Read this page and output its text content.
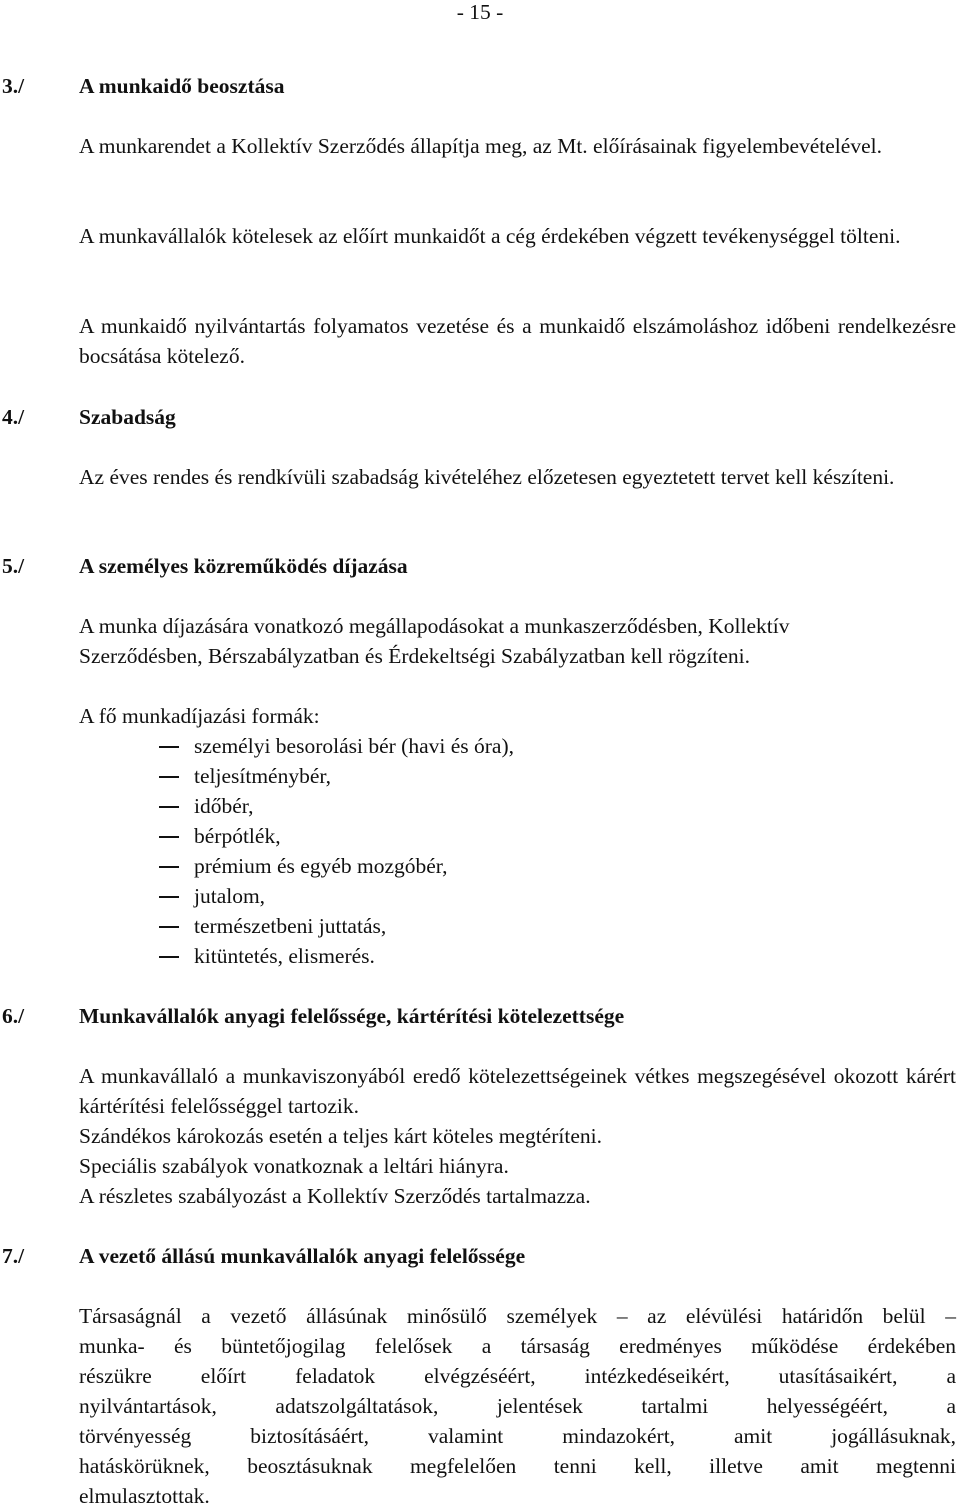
- 15 -
3./	A munkaidő beosztása
A munkarendet a Kollektív Szerződés állapítja meg, az Mt. előírásainak figyelembevételével.
A munkavállalók kötelesek az előírt munkaidőt a cég érdekében végzett tevékenységgel tölteni.
A munkaidő nyilvántartás folyamatos vezetése és a munkaidő elszámoláshoz időbeni rendelkezésre bocsátása kötelező.
4./	Szabadság
Az éves rendes és rendkívüli szabadság kivételéhez előzetesen egyeztetett tervet kell készíteni.
5./	A személyes közreműködés díjazása
A munka díjazására vonatkozó megállapodásokat a munkaszerződésben, Kollektív
Szerződésben, Bérszabályzatban és Érdekeltségi Szabályzatban kell rögzíteni.
A fő munkadíjazási formák:
személyi besorolási bér (havi és óra),
teljesítménybér,
időbér,
bérpótlék,
prémium és egyéb mozgóbér,
jutalom,
természetbeni juttatás,
kitüntetés, elismerés.
6./	Munkavállalók anyagi felelőssége, kártérítési kötelezettsége
A munkavállaló a munkaviszonyából eredő kötelezettségeinek vétkes megszegésével okozott kárért kártérítési felelősséggel tartozik.
Szándékos károkozás esetén a teljes kárt köteles megtéríteni.
Speciális szabályok vonatkoznak a leltári hiányra.
A részletes szabályozást a Kollektív Szerződés tartalmazza.
7./	A vezető állású munkavállalók anyagi felelőssége
Társaságnál a vezető állásúnak minősülő személyek – az elévülési határidőn belül –
munka- és büntetőjogilag felelősek a társaság eredményes működése érdekében
részükre előírt feladatok elvégzéséért, intézkedéseikért, utasításaikért, a
nyilvántartások, adatszolgáltatások, jelentések tartalmi helyességéért, a
törvényesség biztosításáért, valamint mindazokért, amit jogállásuknak,
hatáskörüknek, beosztásuknak megfelelően tenni kell, illetve amit megtenni
elmulasztottak.
